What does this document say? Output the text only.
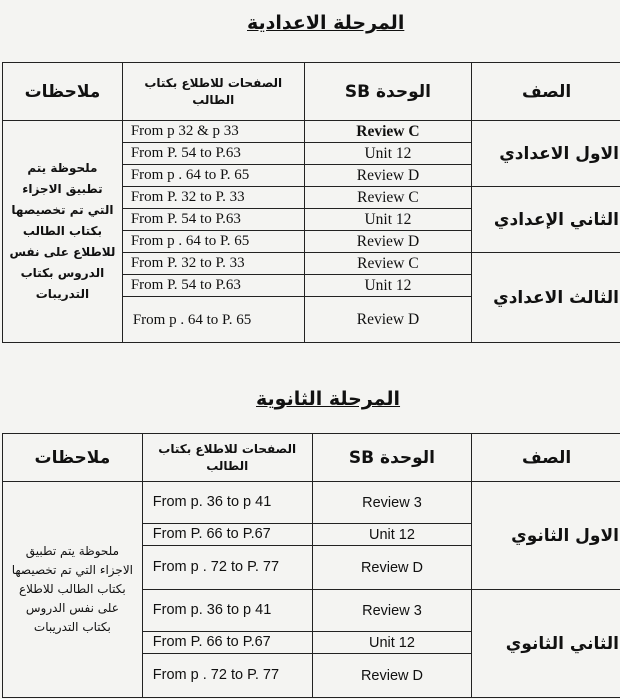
المرحلة الاعدادية
ملاحظات	الصفحات للاطلاع بكتاب الطالب	الوحدة SB	الصف
ملحوظة يتم تطبيق الاجزاء التي تم تخصيصها بكتاب الطالب للاطلاع على نفس الدروس بكتاب التدريبات	From p 32 & p 33	Review C	الاول الاعدادي
	From P. 54 to P.63	Unit 12	
	From p . 64 to P. 65	Review D	
	From P. 32 to P. 33	Review C	الثاني الإعدادي
	From P. 54 to P.63	Unit 12	
	From p . 64 to P. 65	Review D	
	From P. 32 to P. 33	Review C	الثالث الاعدادي
	From P. 54 to P.63	Unit 12	
	From p . 64 to P. 65	Review D	
المرحلة الثانوية
ملاحظات	الصفحات للاطلاع بكتاب الطالب	الوحدة SB	الصف
ملحوظة يتم تطبيق الاجزاء التي تم تخصيصها بكتاب الطالب للاطلاع على نفس الدروس بكتاب التدريبات	From p. 36 to p 41	Review 3	الاول الثانوي
	From P. 66 to P.67	Unit 12	
	From p . 72 to P. 77	Review D	
	From p. 36 to p 41	Review 3	الثاني الثانوي
	From P. 66 to P.67	Unit 12	
	From p . 72 to P. 77	Review D	
